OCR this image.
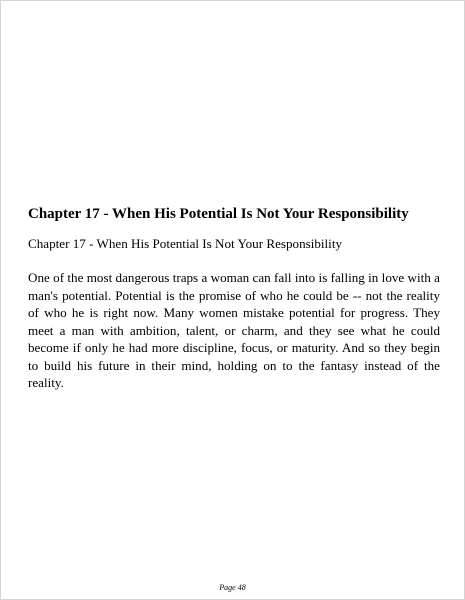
Chapter 17 - When His Potential Is Not Your Responsibility

Chapter 17 - When His Potential Is Not Your Responsibility

One of the most dangerous traps a woman can fall into is falling in love with a man's potential. Potential is the promise of who he could be -- not the reality of who he is right now. Many women mistake potential for progress. They meet a man with ambition, talent, or charm, and they see what he could become if only he had more discipline, focus, or maturity. And so they begin to build his future in their mind, holding on to the fantasy instead of the reality.

Page 48
